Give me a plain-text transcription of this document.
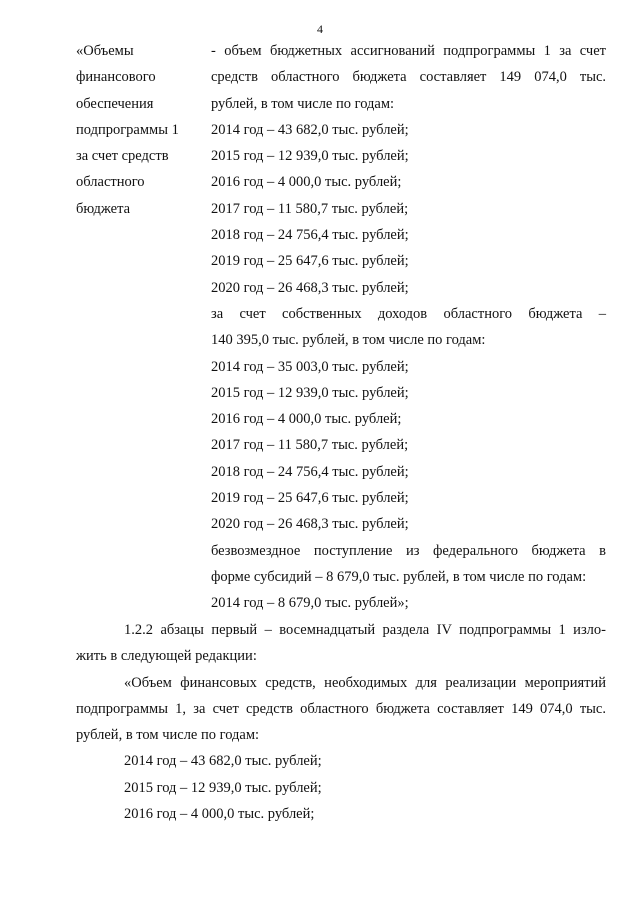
4
«Объемы
финансового
обеспечения
подпрограммы 1
за счет средств
областного
бюджета
- объем бюджетных ассигнований подпрограммы 1 за счет
средств областного бюджета составляет 149 074,0 тыс.
рублей, в том числе по годам:
2014 год – 43 682,0 тыс. рублей;
2015 год – 12 939,0 тыс. рублей;
2016 год – 4 000,0 тыс. рублей;
2017 год – 11 580,7 тыс. рублей;
2018 год – 24 756,4 тыс. рублей;
2019 год – 25 647,6 тыс. рублей;
2020 год – 26 468,3 тыс. рублей;
за счет собственных доходов областного бюджета –
140 395,0 тыс. рублей, в том числе по годам:
2014 год – 35 003,0 тыс. рублей;
2015 год – 12 939,0 тыс. рублей;
2016 год – 4 000,0 тыс. рублей;
2017 год – 11 580,7 тыс. рублей;
2018 год – 24 756,4 тыс. рублей;
2019 год – 25 647,6 тыс. рублей;
2020 год – 26 468,3 тыс. рублей;
безвозмездное поступление из федерального бюджета в
форме субсидий – 8 679,0 тыс. рублей, в том числе по годам:
2014 год – 8 679,0 тыс. рублей»;
1.2.2 абзацы первый – восемнадцатый раздела IV подпрограммы 1 изло-
жить в следующей редакции:
«Объем финансовых средств, необходимых для реализации мероприятий
подпрограммы 1, за счет средств областного бюджета составляет 149 074,0 тыс.
рублей, в том числе по годам:
2014 год – 43 682,0 тыс. рублей;
2015 год – 12 939,0 тыс. рублей;
2016 год – 4 000,0 тыс. рублей;
